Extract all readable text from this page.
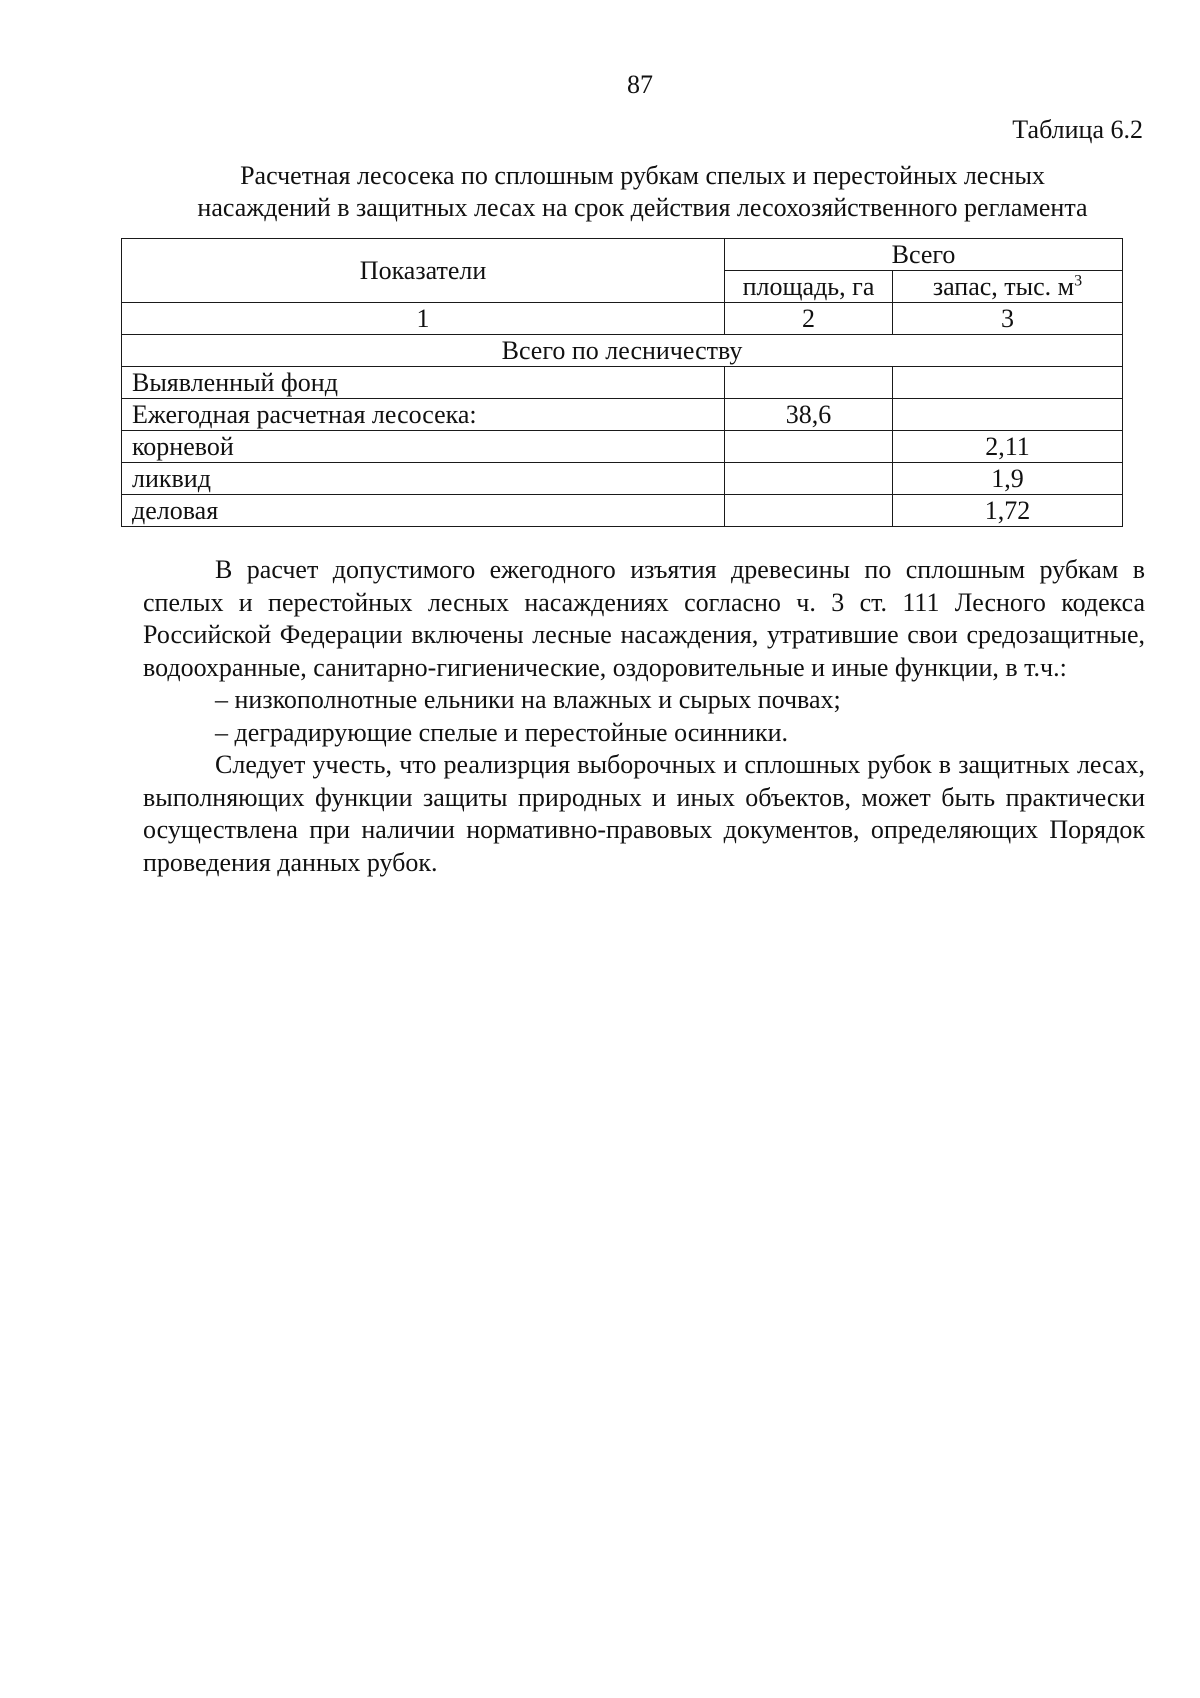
87
Таблица 6.2
Расчетная лесосека по сплошным рубкам спелых и перестойных лесных
насаждений в защитных лесах на срок действия лесохозяйственного регламента
Показатели	Всего	
	площадь, га	запас, тыс. $м^3$
1	2	3
Всего по лесничеству		
Выявленный фонд		
Ежегодная расчетная лесосека:	38,6	
корневой		2,11
ликвид		1,9
деловая		1,72

В расчет допустимого ежегодного изъятия древесины по сплошным рубкам в спелых и перестойных лесных насаждениях согласно ч. 3 ст. 111 Лесного кодекса Российской Федерации включены лесные насаждения, утратившие свои средозащитные, водоохранные, санитарно-гигиенические, оздоровительные и иные функции, в т.ч.:

– низкополнотные ельники на влажных и сырых почвах;

– деградирующие спелые и перестойные осинники.

Следует учесть, что реализрция выборочных и сплошных рубок в защитных лесах, выполняющих функции защиты природных и иных объектов, может быть практически осуществлена при наличии нормативно-правовых документов, определяющих Порядок проведения данных рубок.
